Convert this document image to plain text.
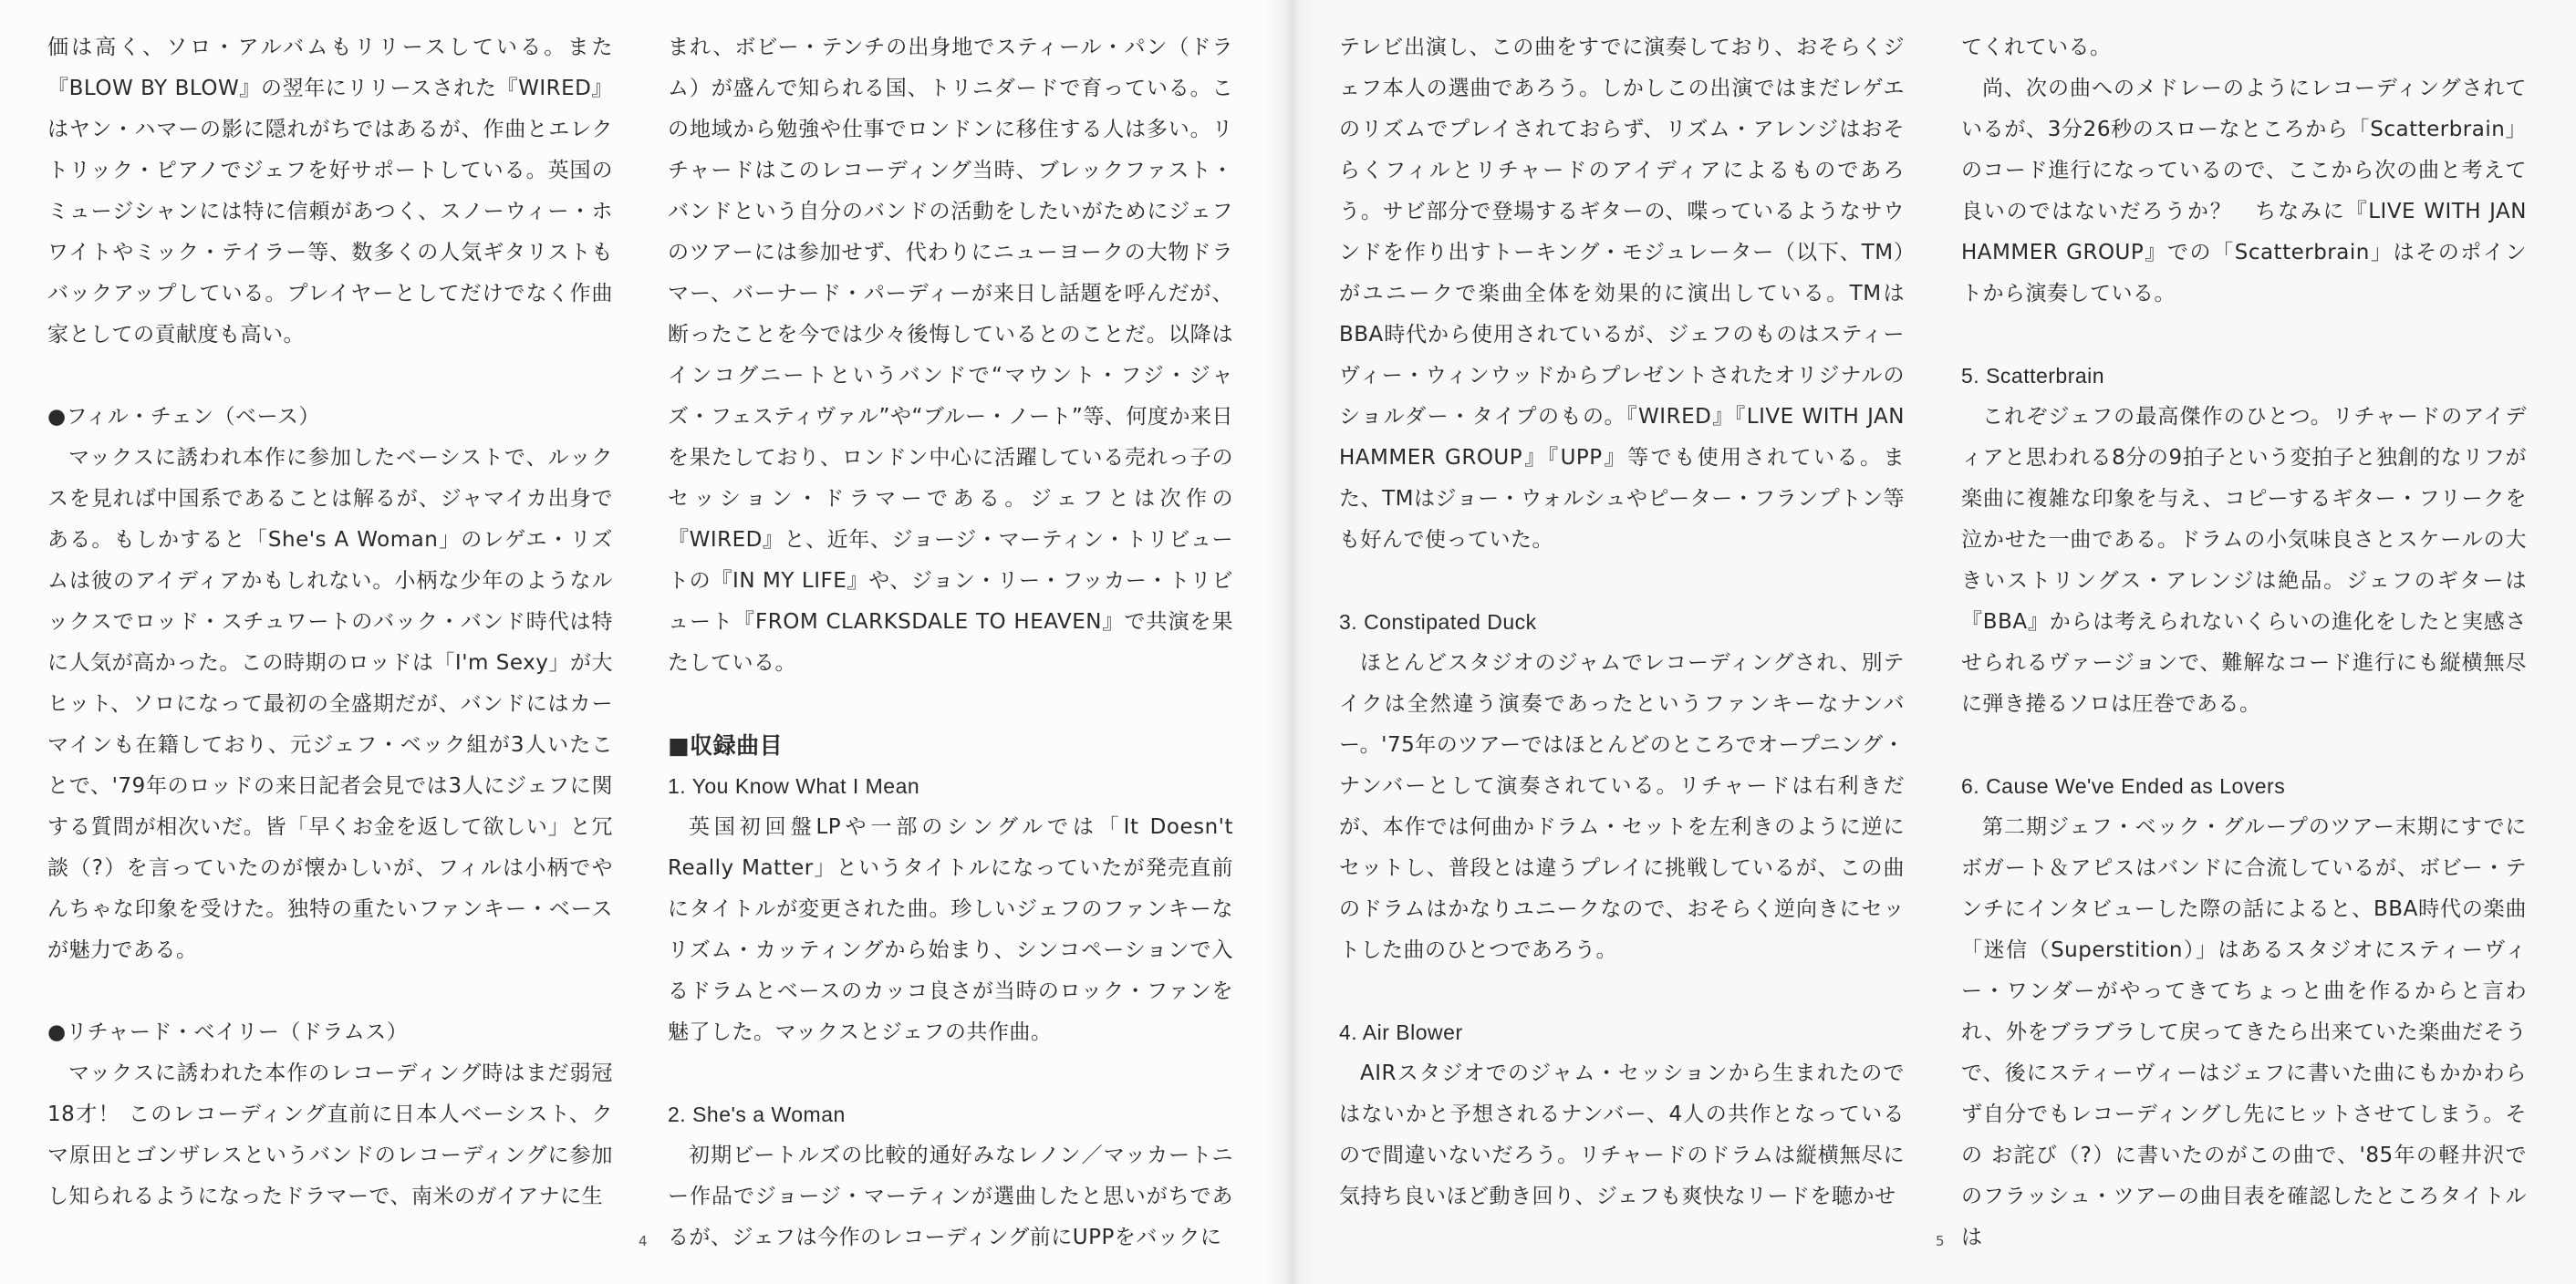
価は高く、ソロ・アルバムもリリースしている。また『BLOW BY BLOW』の翌年にリリースされた『WIRED』はヤン・ハマーの影に隠れがちではあるが、作曲とエレクトリック・ピアノでジェフを好サポートしている。英国のミュージシャンには特に信頼があつく、スノーウィー・ホワイトやミック・テイラー等、数多くの人気ギタリストもバックアップしている。プレイヤーとしてだけでなく作曲家としての貢献度も高い。

●フィル・チェン（ベース）

マックスに誘われ本作に参加したベーシストで、ルックスを見れば中国系であることは解るが、ジャマイカ出身である。もしかすると「She's A Woman」のレゲエ・リズムは彼のアイディアかもしれない。小柄な少年のようなルックスでロッド・スチュワートのバック・バンド時代は特に人気が高かった。この時期のロッドは「I'm Sexy」が大ヒット、ソロになって最初の全盛期だが、バンドにはカーマインも在籍しており、元ジェフ・ベック組が3人いたことで、'79年のロッドの来日記者会見では3人にジェフに関する質問が相次いだ。皆「早くお金を返して欲しい」と冗談（?）を言っていたのが懐かしいが、フィルは小柄でやんちゃな印象を受けた。独特の重たいファンキー・ベースが魅力である。

●リチャード・ベイリー（ドラムス）

マックスに誘われた本作のレコーディング時はまだ弱冠18才！ このレコーディング直前に日本人ベーシスト、ク マ原田とゴンザレスというバンドのレコーディングに参加し知られるようになったドラマーで、南米のガイアナに生

まれ、ボビー・テンチの出身地でスティール・パン（ドラム）が盛んで知られる国、トリニダードで育っている。この地域から勉強や仕事でロンドンに移住する人は多い。リチャードはこのレコーディング当時、ブレックファスト・バンドという自分のバンドの活動をしたいがためにジェフのツアーには参加せず、代わりにニューヨークの大物ドラマー、バーナード・パーディーが来日し話題を呼んだが、断ったことを今では少々後悔しているとのことだ。以降はインコグニートというバンドで“マウント・フジ・ジャズ・フェスティヴァル”や“ブルー・ノート”等、何度か来日を果たしており、ロンドン中心に活躍している売れっ子のセッション・ドラマーである。ジェフとは次作の『WIRED』と、近年、ジョージ・マーティン・トリビュートの『IN MY LIFE』や、ジョン・リー・フッカー・トリビュート『FROM CLARKSDALE TO HEAVEN』で共演を果たしている。

■収録曲目

1. You Know What I Mean

英国初回盤LPや一部のシングルでは「It Doesn't Really Matter」というタイトルになっていたが発売直前にタイトルが変更された曲。珍しいジェフのファンキーなリズム・カッティングから始まり、シンコペーションで入るドラムとベースのカッコ良さが当時のロック・ファンを魅了した。マックスとジェフの共作曲。

2. She's a Woman

初期ビートルズの比較的通好みなレノン／マッカートニー作品でジョージ・マーティンが選曲したと思いがちであるが、ジェフは今作のレコーディング前にUPPをバックに

4

テレビ出演し、この曲をすでに演奏しており、おそらくジェフ本人の選曲であろう。しかしこの出演ではまだレゲエのリズムでプレイされておらず、リズム・アレンジはおそらくフィルとリチャードのアイディアによるものであろう。サビ部分で登場するギターの、喋っているようなサウンドを作り出すトーキング・モジュレーター（以下、TM）がユニークで楽曲全体を効果的に演出している。TMはBBA時代から使用されているが、ジェフのものはスティーヴィー・ウィンウッドからプレゼントされたオリジナルのショルダー・タイプのもの。『WIRED』『LIVE WITH JAN HAMMER GROUP』『UPP』等でも使用されている。また、TMはジョー・ウォルシュやピーター・フランプトン等も好んで使っていた。

3. Constipated Duck

ほとんどスタジオのジャムでレコーディングされ、別テイクは全然違う演奏であったというファンキーなナンバー。'75年のツアーではほとんどのところでオープニング・ナンバーとして演奏されている。リチャードは右利きだが、本作では何曲かドラム・セットを左利きのように逆にセットし、普段とは違うプレイに挑戦しているが、この曲のドラムはかなりユニークなので、おそらく逆向きにセットした曲のひとつであろう。

4. Air Blower

AIRスタジオでのジャム・セッションから生まれたのではないかと予想されるナンバー、4人の共作となっているので間違いないだろう。リチャードのドラムは縦横無尽に気持ち良いほど動き回り、ジェフも爽快なリードを聴かせ

てくれている。

尚、次の曲へのメドレーのようにレコーディングされているが、3分26秒のスローなところから「Scatterbrain」のコード進行になっているので、ここから次の曲と考えて良いのではないだろうか？　ちなみに『LIVE WITH JAN HAMMER GROUP』での「Scatterbrain」はそのポイントから演奏している。

5. Scatterbrain

これぞジェフの最高傑作のひとつ。リチャードのアイディアと思われる8分の9拍子という変拍子と独創的なリフが楽曲に複雑な印象を与え、コピーするギター・フリークを泣かせた一曲である。ドラムの小気味良さとスケールの大きいストリングス・アレンジは絶品。ジェフのギターは『BBA』からは考えられないくらいの進化をしたと実感させられるヴァージョンで、難解なコード進行にも縦横無尽に弾き捲るソロは圧巻である。

6. Cause We've Ended as Lovers

第二期ジェフ・ベック・グループのツアー末期にすでにボガート＆アピスはバンドに合流しているが、ボビー・テンチにインタビューした際の話によると、BBA時代の楽曲「迷信（Superstition）」はあるスタジオにスティーヴィー・ワンダーがやってきてちょっと曲を作るからと言われ、外をブラブラして戻ってきたら出来ていた楽曲だそうで、後にスティーヴィーはジェフに書いた曲にもかかわらず自分でもレコーディングし先にヒットさせてしまう。その お詫び（?）に書いたのがこの曲で、'85年の軽井沢でのフラッシュ・ツアーの曲目表を確認したところタイトルは

5
